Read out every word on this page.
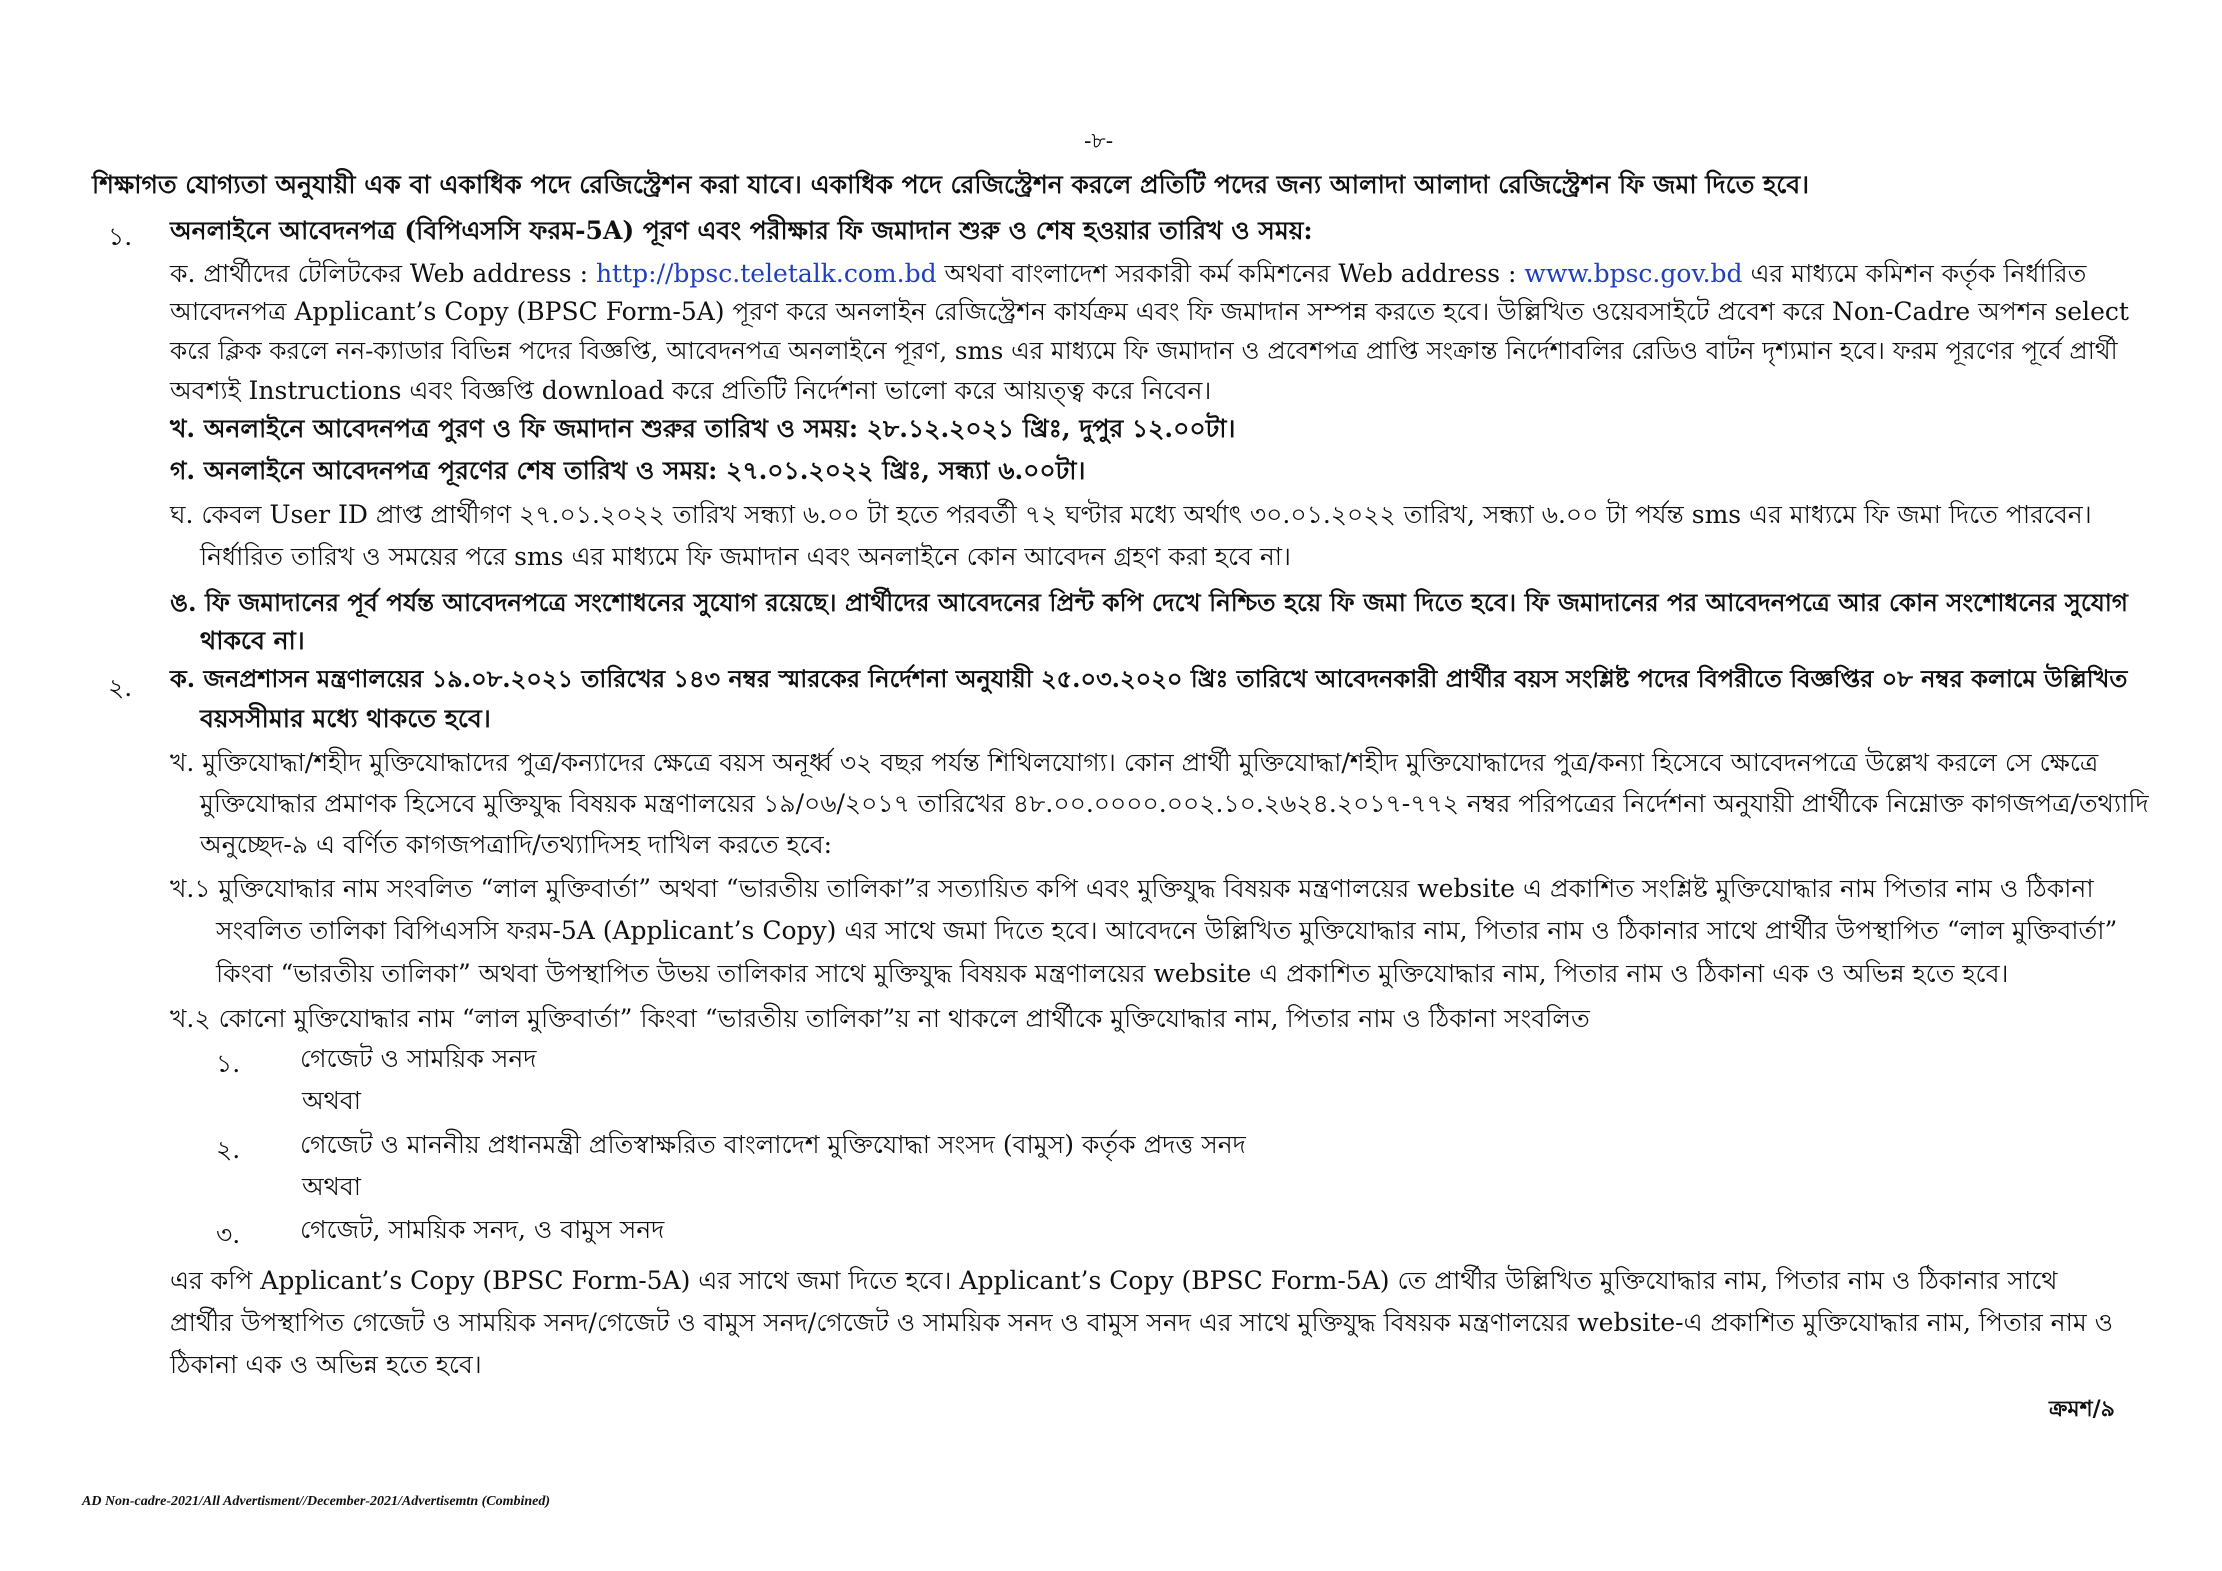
-৮-
শিক্ষাগত যোগ্যতা অনুযায়ী এক বা একাধিক পদে রেজিস্ট্রেশন করা যাবে। একাধিক পদে রেজিস্ট্রেশন করলে প্রতিটি পদের জন্য আলাদা আলাদা রেজিস্ট্রেশন ফি জমা দিতে হবে।
১. অনলাইনে আবেদনপত্র (বিপিএসসি ফরম-5A) পূরণ এবং পরীক্ষার ফি জমাদান শুরু ও শেষ হওয়ার তারিখ ও সময়:
ক. প্রার্থীদের টেলিটকের Web address : http://bpsc.teletalk.com.bd অথবা বাংলাদেশ সরকারী কর্ম কমিশনের Web address : www.bpsc.gov.bd এর মাধ্যমে কমিশন কর্তৃক নির্ধারিত
আবেদনপত্র Applicant’s Copy (BPSC Form-5A) পূরণ করে অনলাইন রেজিস্ট্রেশন কার্যক্রম এবং ফি জমাদান সম্পন্ন করতে হবে। উল্লিখিত ওয়েবসাইটে প্রবেশ করে Non-Cadre অপশন select
করে ক্লিক করলে নন-ক্যাডার বিভিন্ন পদের বিজ্ঞপ্তি, আবেদনপত্র অনলাইনে পূরণ, sms এর মাধ্যমে ফি জমাদান ও প্রবেশপত্র প্রাপ্তি সংক্রান্ত নির্দেশাবলির রেডিও বাটন দৃশ্যমান হবে। ফরম পূরণের পূর্বে প্রার্থী
অবশ্যই Instructions এবং বিজ্ঞপ্তি download করে প্রতিটি নির্দেশনা ভালো করে আয়ত্ত্ব করে নিবেন।
খ. অনলাইনে আবেদনপত্র পুরণ ও ফি জমাদান শুরুর তারিখ ও সময়: ২৮.১২.২০২১ খ্রিঃ, দুপুর ১২.০০টা।
গ. অনলাইনে আবেদনপত্র পূরণের শেষ তারিখ ও সময়: ২৭.০১.২০২২ খ্রিঃ, সন্ধ্যা ৬.০০টা।
ঘ. কেবল User ID প্রাপ্ত প্রার্থীগণ ২৭.০১.২০২২ তারিখ সন্ধ্যা ৬.০০ টা হতে পরবর্তী ৭২ ঘণ্টার মধ্যে অর্থাৎ ৩০.০১.২০২২ তারিখ, সন্ধ্যা ৬.০০ টা পর্যন্ত sms এর মাধ্যমে ফি জমা দিতে পারবেন।
নির্ধারিত তারিখ ও সময়ের পরে sms এর মাধ্যমে ফি জমাদান এবং অনলাইনে কোন আবেদন গ্রহণ করা হবে না।
ঙ. ফি জমাদানের পূর্ব পর্যন্ত আবেদনপত্রে সংশোধনের সুযোগ রয়েছে। প্রার্থীদের আবেদনের প্রিন্ট কপি দেখে নিশ্চিত হয়ে ফি জমা দিতে হবে। ফি জমাদানের পর আবেদনপত্রে আর কোন সংশোধনের সুযোগ
থাকবে না।
২. ক. জনপ্রশাসন মন্ত্রণালয়ের ১৯.০৮.২০২১ তারিখের ১৪৩ নম্বর স্মারকের নির্দেশনা অনুযায়ী ২৫.০৩.২০২০ খ্রিঃ তারিখে আবেদনকারী প্রার্থীর বয়স সংশ্লিষ্ট পদের বিপরীতে বিজ্ঞপ্তির ০৮ নম্বর কলামে উল্লিখিত
বয়সসীমার মধ্যে থাকতে হবে।
খ. মুক্তিযোদ্ধা/শহীদ মুক্তিযোদ্ধাদের পুত্র/কন্যাদের ক্ষেত্রে বয়স অনূর্ধ্ব ৩২ বছর পর্যন্ত শিথিলযোগ্য। কোন প্রার্থী মুক্তিযোদ্ধা/শহীদ মুক্তিযোদ্ধাদের পুত্র/কন্যা হিসেবে আবেদনপত্রে উল্লেখ করলে সে ক্ষেত্রে
মুক্তিযোদ্ধার প্রমাণক হিসেবে মুক্তিযুদ্ধ বিষয়ক মন্ত্রণালয়ের ১৯/০৬/২০১৭ তারিখের ৪৮.০০.০০০০.০০২.১০.২৬২৪.২০১৭-৭৭২ নম্বর পরিপত্রের নির্দেশনা অনুযায়ী প্রার্থীকে নিম্নোক্ত কাগজপত্র/তথ্যাদি
অনুচ্ছেদ-৯ এ বর্ণিত কাগজপত্রাদি/তথ্যাদিসহ দাখিল করতে হবে:
খ.১ মুক্তিযোদ্ধার নাম সংবলিত “লাল মুক্তিবার্তা” অথবা “ভারতীয় তালিকা”র সত্যায়িত কপি এবং মুক্তিযুদ্ধ বিষয়ক মন্ত্রণালয়ের website এ প্রকাশিত সংশ্লিষ্ট মুক্তিযোদ্ধার নাম পিতার নাম ও ঠিকানা
সংবলিত তালিকা বিপিএসসি ফরম-5A (Applicant’s Copy) এর সাথে জমা দিতে হবে। আবেদনে উল্লিখিত মুক্তিযোদ্ধার নাম, পিতার নাম ও ঠিকানার সাথে প্রার্থীর উপস্থাপিত “লাল মুক্তিবার্তা”
কিংবা “ভারতীয় তালিকা” অথবা উপস্থাপিত উভয় তালিকার সাথে মুক্তিযুদ্ধ বিষয়ক মন্ত্রণালয়ের website এ প্রকাশিত মুক্তিযোদ্ধার নাম, পিতার নাম ও ঠিকানা এক ও অভিন্ন হতে হবে।
খ.২ কোনো মুক্তিযোদ্ধার নাম “লাল মুক্তিবার্তা” কিংবা “ভারতীয় তালিকা”য় না থাকলে প্রার্থীকে মুক্তিযোদ্ধার নাম, পিতার নাম ও ঠিকানা সংবলিত
১. গেজেট ও সাময়িক সনদ
অথবা
২. গেজেট ও মাননীয় প্রধানমন্ত্রী প্রতিস্বাক্ষরিত বাংলাদেশ মুক্তিযোদ্ধা সংসদ (বামুস) কর্তৃক প্রদত্ত সনদ
অথবা
৩. গেজেট, সাময়িক সনদ, ও বামুস সনদ
এর কপি Applicant’s Copy (BPSC Form-5A) এর সাথে জমা দিতে হবে। Applicant’s Copy (BPSC Form-5A) তে প্রার্থীর উল্লিখিত মুক্তিযোদ্ধার নাম, পিতার নাম ও ঠিকানার সাথে
প্রার্থীর উপস্থাপিত গেজেট ও সাময়িক সনদ/গেজেট ও বামুস সনদ/গেজেট ও সাময়িক সনদ ও বামুস সনদ এর সাথে মুক্তিযুদ্ধ বিষয়ক মন্ত্রণালয়ের website-এ প্রকাশিত মুক্তিযোদ্ধার নাম, পিতার নাম ও
ঠিকানা এক ও অভিন্ন হতে হবে।
ক্রমশ/৯
AD Non-cadre-2021/All Advertisment//December-2021/Advertisemtn (Combined)
